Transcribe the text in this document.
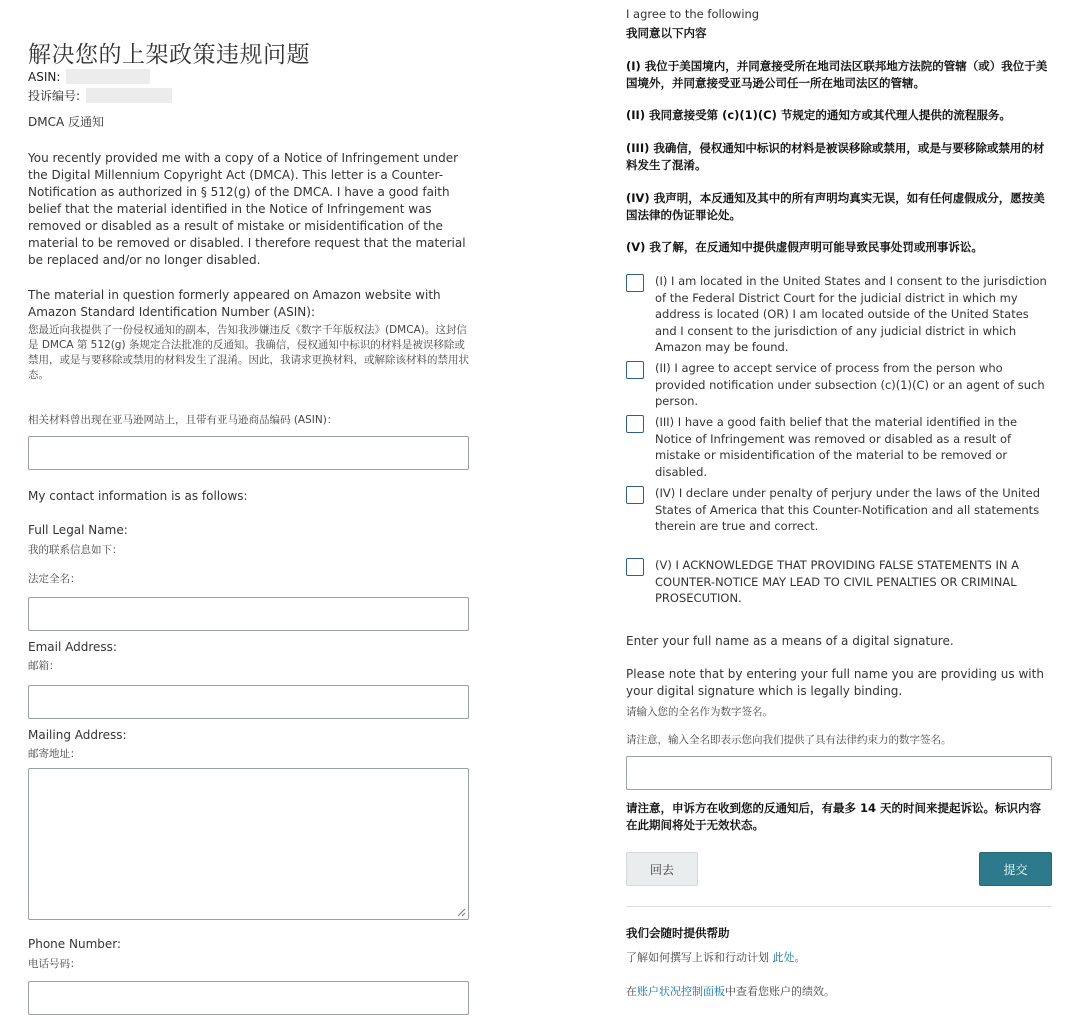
解决您的上架政策违规问题
ASIN:
投诉编号:
DMCA 反通知
You recently provided me with a copy of a Notice of Infringement under the Digital Millennium Copyright Act (DMCA). This letter is a Counter-Notification as authorized in § 512(g) of the DMCA. I have a good faith belief that the material identified in the Notice of Infringement was removed or disabled as a result of mistake or misidentification of the material to be removed or disabled. I therefore request that the material be replaced and/or no longer disabled.
The material in question formerly appeared on Amazon website with Amazon Standard Identification Number (ASIN):
您最近向我提供了一份侵权通知的副本，告知我涉嫌违反《数字千年版权法》(DMCA)。这封信是 DMCA 第 512(g) 条规定合法批准的反通知。我确信，侵权通知中标识的材料是被误移除或禁用，或是与要移除或禁用的材料发生了混淆。因此，我请求更换材料，或解除该材料的禁用状态。
相关材料曾出现在亚马逊网站上，且带有亚马逊商品编码 (ASIN)：
My contact information is as follows:
Full Legal Name:
我的联系信息如下：
法定全名：
Email Address:
邮箱：
Mailing Address:
邮寄地址：
Phone Number:
电话号码：
I agree to the following
我同意以下内容
(I) 我位于美国境内，并同意接受所在地司法区联邦地方法院的管辖（或）我位于美国境外，并同意接受亚马逊公司任一所在地司法区的管辖。
(II) 我同意接受第 (c)(1)(C) 节规定的通知方或其代理人提供的流程服务。
(III) 我确信，侵权通知中标识的材料是被误移除或禁用，或是与要移除或禁用的材料发生了混淆。
(IV) 我声明，本反通知及其中的所有声明均真实无误，如有任何虚假成分，愿按美国法律的伪证罪论处。
(V) 我了解，在反通知中提供虚假声明可能导致民事处罚或刑事诉讼。
(I) I am located in the United States and I consent to the jurisdiction of the Federal District Court for the judicial district in which my address is located (OR) I am located outside of the United States and I consent to the jurisdiction of any judicial district in which Amazon may be found.
(II) I agree to accept service of process from the person who provided notification under subsection (c)(1)(C) or an agent of such person.
(III) I have a good faith belief that the material identified in the Notice of Infringement was removed or disabled as a result of mistake or misidentification of the material to be removed or disabled.
(IV) I declare under penalty of perjury under the laws of the United States of America that this Counter-Notification and all statements therein are true and correct.
(V) I ACKNOWLEDGE THAT PROVIDING FALSE STATEMENTS IN A COUNTER-NOTICE MAY LEAD TO CIVIL PENALTIES OR CRIMINAL PROSECUTION.
Enter your full name as a means of a digital signature.
Please note that by entering your full name you are providing us with your digital signature which is legally binding.
请输入您的全名作为数字签名。
请注意，输入全名即表示您向我们提供了具有法律约束力的数字签名。
请注意，申诉方在收到您的反通知后，有最多 14 天的时间来提起诉讼。标识内容在此期间将处于无效状态。
回去	提交
我们会随时提供帮助
了解如何撰写上诉和行动计划 此处。
在账户状况控制面板中查看您账户的绩效。
